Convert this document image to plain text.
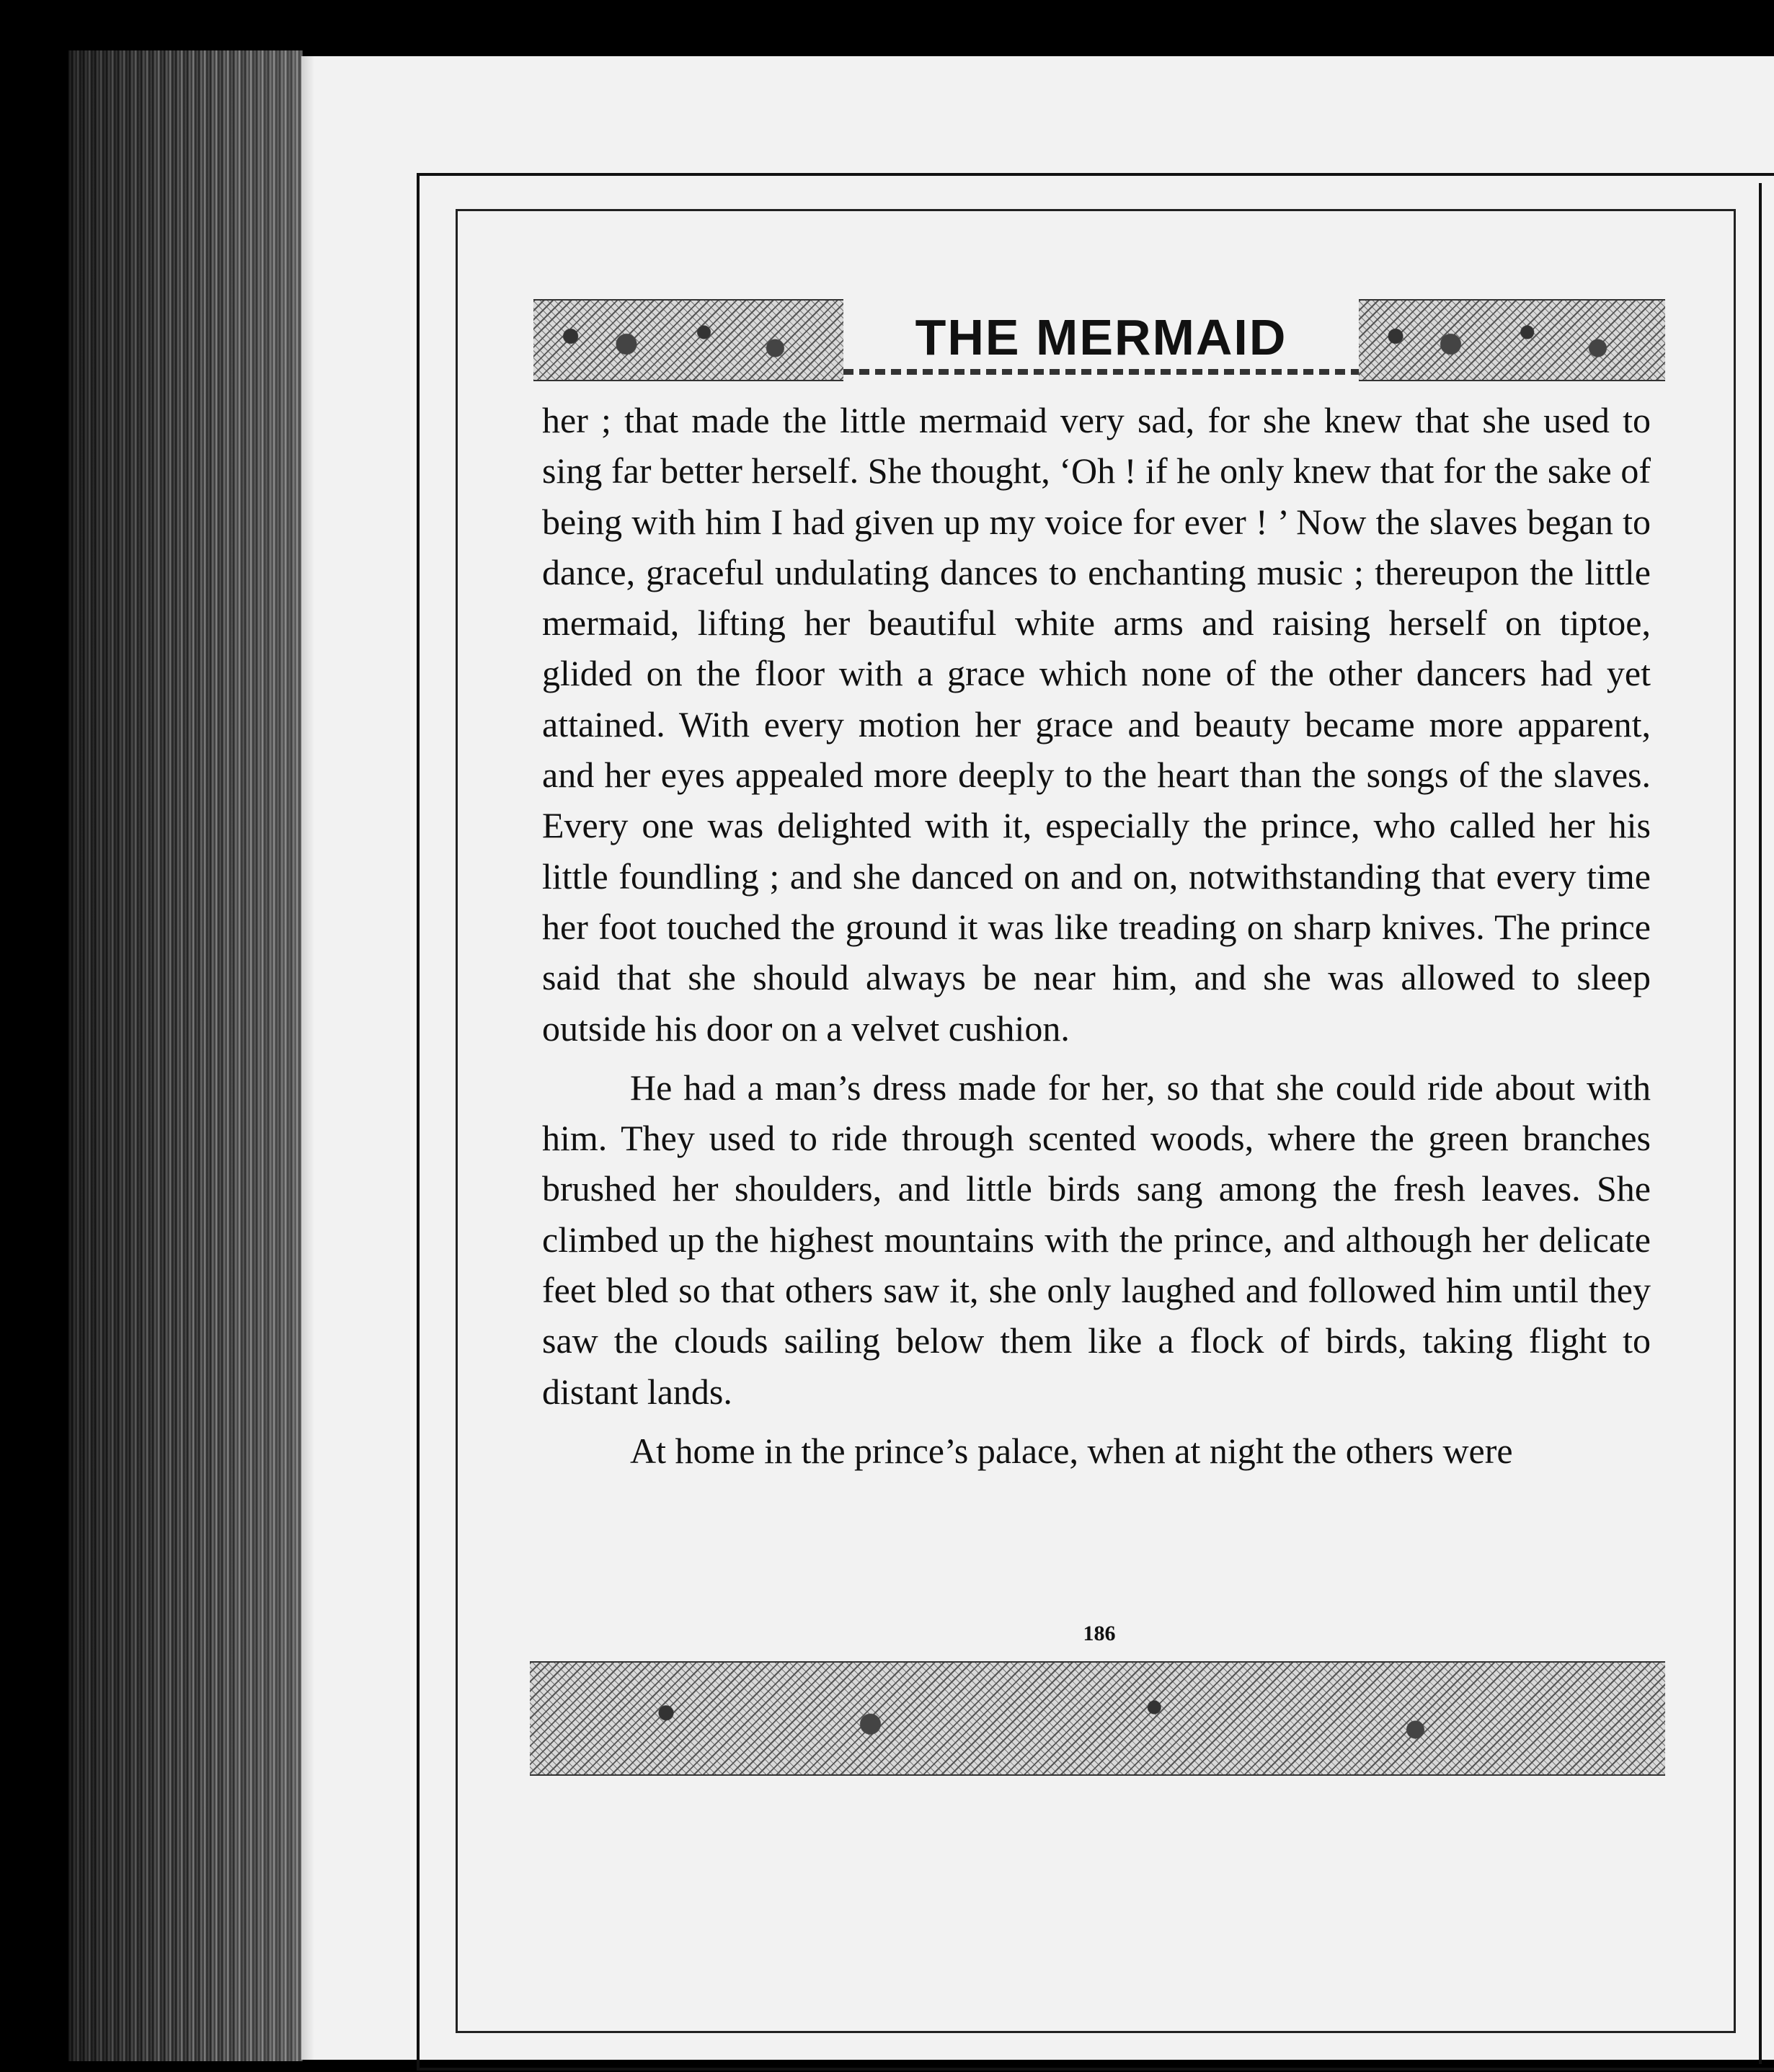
THE MERMAID

her ; that made the little mermaid very sad, for she knew that she used to sing far better herself. She thought, ‘Oh ! if he only knew that for the sake of being with him I had given up my voice for ever ! ’ Now the slaves began to dance, graceful undulating dances to enchanting music ; thereupon the little mermaid, lifting her beautiful white arms and raising herself on tiptoe, glided on the floor with a grace which none of the other dancers had yet attained. With every motion her grace and beauty became more apparent, and her eyes appealed more deeply to the heart than the songs of the slaves. Every one was delighted with it, especially the prince, who called her his little foundling ; and she danced on and on, notwithstanding that every time her foot touched the ground it was like treading on sharp knives. The prince said that she should always be near him, and she was allowed to sleep outside his door on a velvet cushion.

He had a man’s dress made for her, so that she could ride about with him. They used to ride through scented woods, where the green branches brushed her shoulders, and little birds sang among the fresh leaves. She climbed up the highest mountains with the prince, and although her delicate feet bled so that others saw it, she only laughed and followed him until they saw the clouds sailing below them like a flock of birds, taking flight to distant lands.

At home in the prince’s palace, when at night the others were

186
